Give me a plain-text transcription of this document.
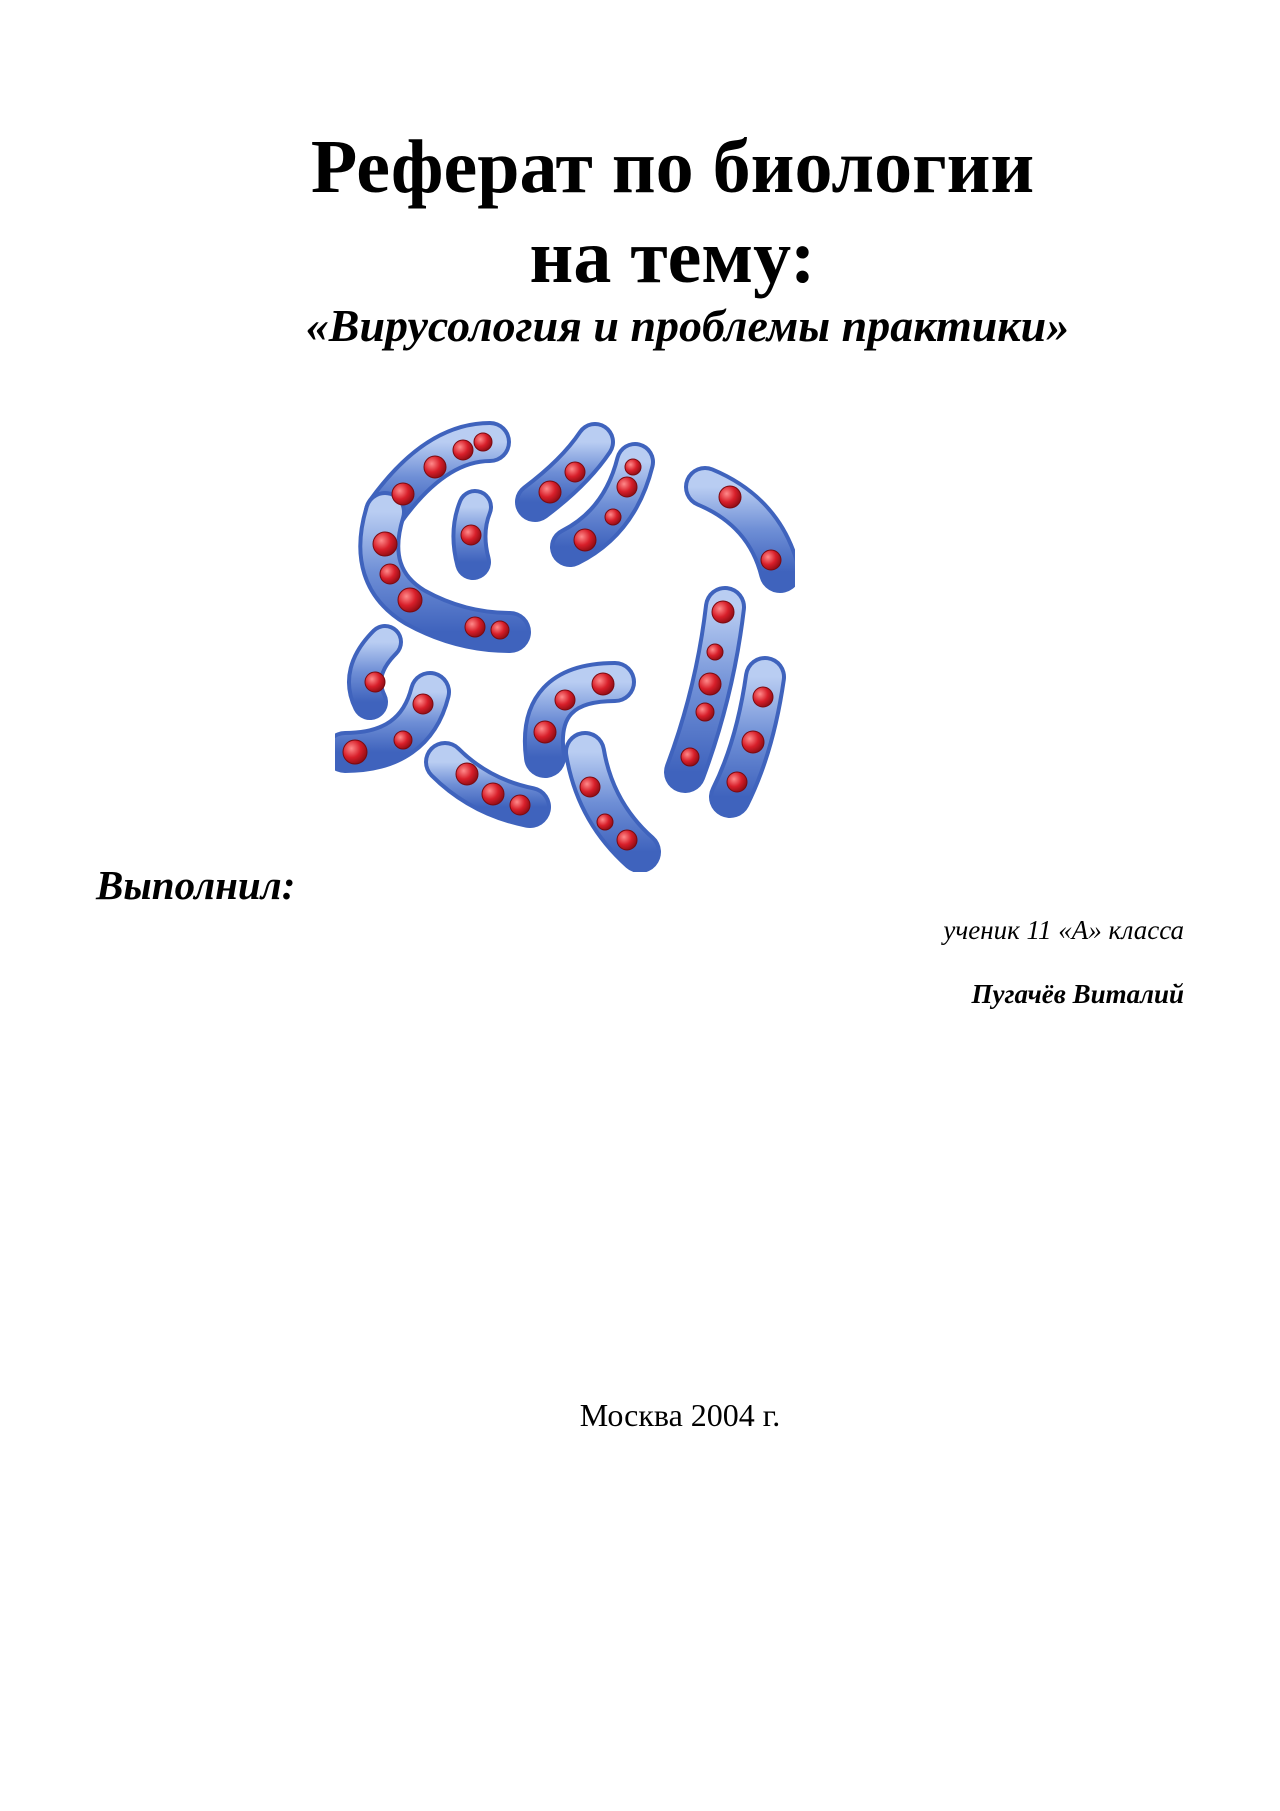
Реферат по биологии
на тему:
«Вирусология и проблемы практики»
Выполнил:
ученик 11 «А» класса
Пугачёв Виталий
Москва 2004 г.
